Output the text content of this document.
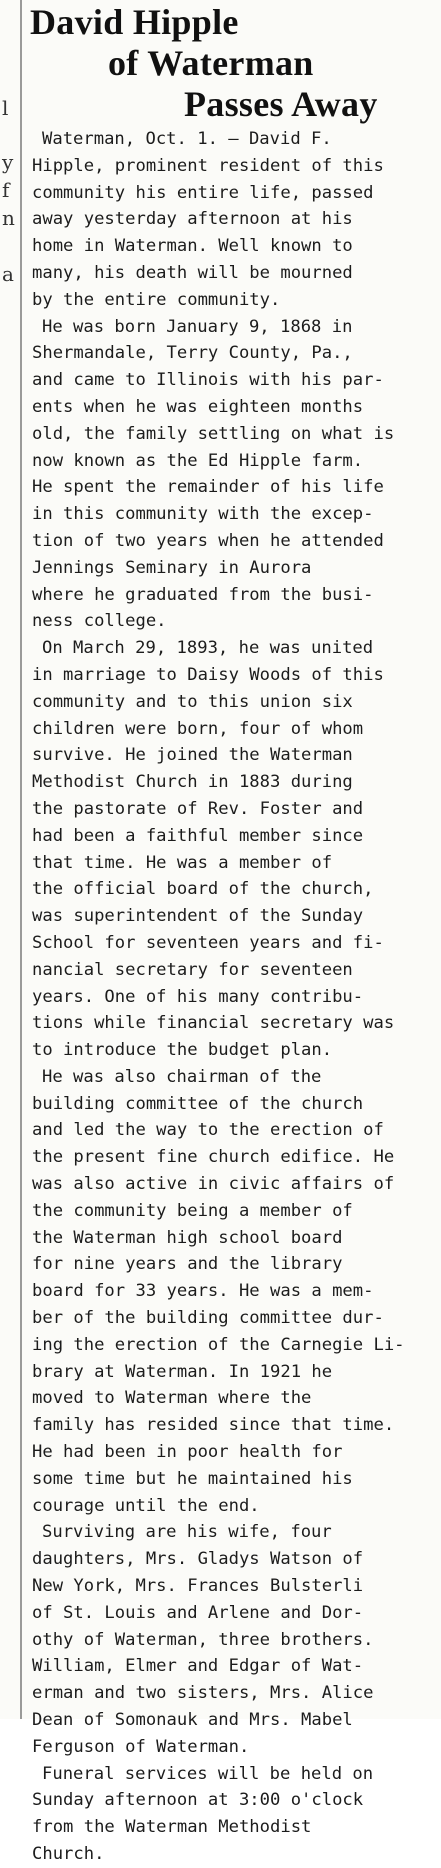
l
y
f
n
a
David Hipple
of Waterman
Passes Away
Waterman, Oct. 1. — David F.
Hipple, prominent resident of this
community his entire life, passed
away yesterday afternoon at his
home in Waterman. Well known to
many, his death will be mourned
by the entire community.
He was born January 9, 1868 in
Shermandale, Terry County, Pa.,
and came to Illinois with his par-
ents when he was eighteen months
old, the family settling on what is
now known as the Ed Hipple farm.
He spent the remainder of his life
in this community with the excep-
tion of two years when he attended
Jennings Seminary in Aurora
where he graduated from the busi-
ness college.
On March 29, 1893, he was united
in marriage to Daisy Woods of this
community and to this union six
children were born, four of whom
survive. He joined the Waterman
Methodist Church in 1883 during
the pastorate of Rev. Foster and
had been a faithful member since
that time. He was a member of
the official board of the church,
was superintendent of the Sunday
School for seventeen years and fi-
nancial secretary for seventeen
years. One of his many contribu-
tions while financial secretary was
to introduce the budget plan.
He was also chairman of the
building committee of the church
and led the way to the erection of
the present fine church edifice. He
was also active in civic affairs of
the community being a member of
the Waterman high school board
for nine years and the library
board for 33 years. He was a mem-
ber of the building committee dur-
ing the erection of the Carnegie Li-
brary at Waterman. In 1921 he
moved to Waterman where the
family has resided since that time.
He had been in poor health for
some time but he maintained his
courage until the end.
Surviving are his wife, four
daughters, Mrs. Gladys Watson of
New York, Mrs. Frances Bulsterli
of St. Louis and Arlene and Dor-
othy of Waterman, three brothers.
William, Elmer and Edgar of Wat-
erman and two sisters, Mrs. Alice
Dean of Somonauk and Mrs. Mabel
Ferguson of Waterman.
Funeral services will be held on
Sunday afternoon at 3:00 o'clock
from the Waterman Methodist
Church.
